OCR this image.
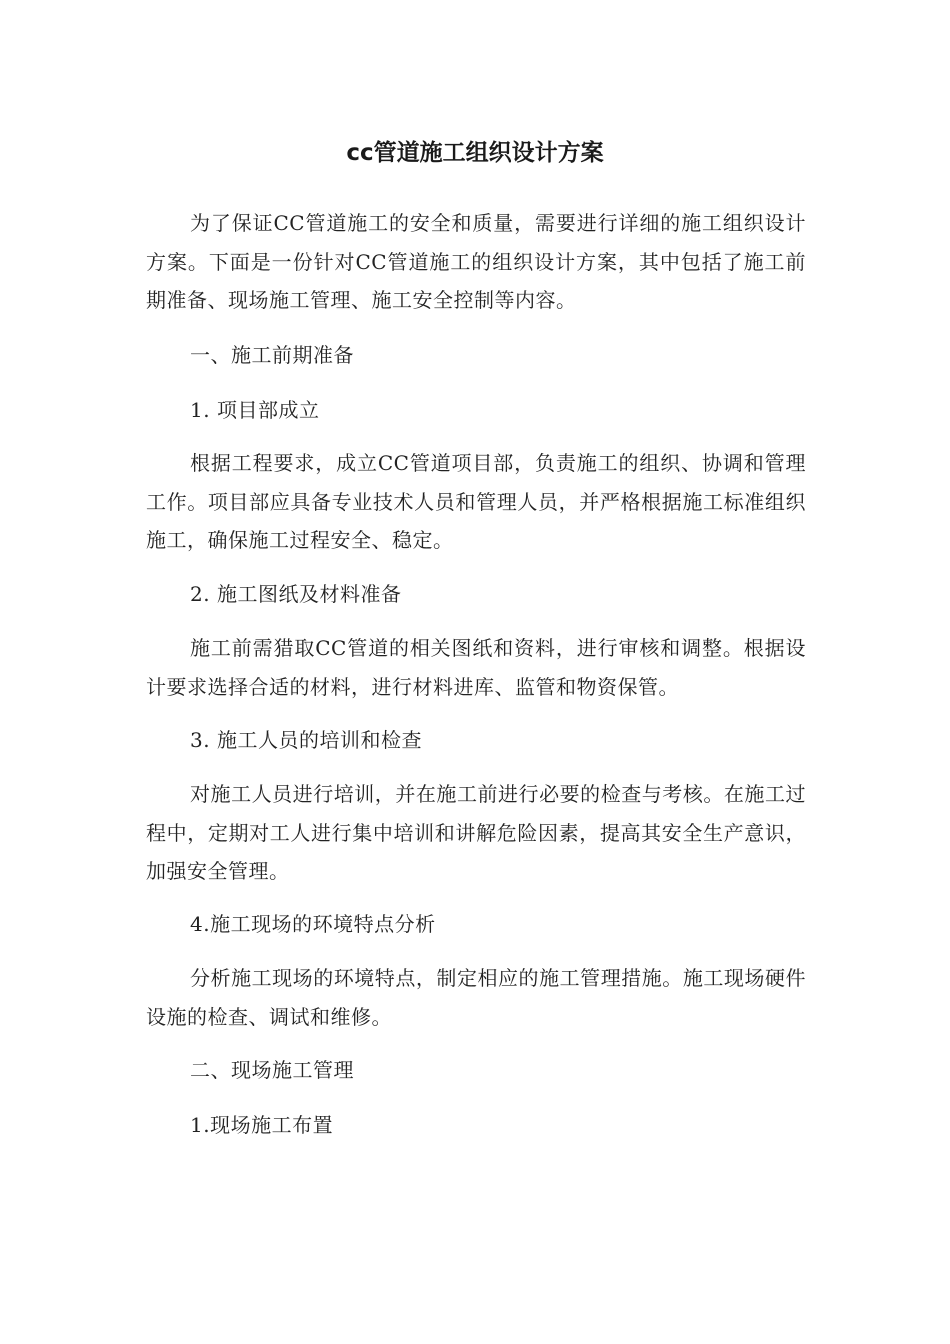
cc管道施工组织设计方案

为了保证CC管道施工的安全和质量，需要进行详细的施工组织设计方案。下面是一份针对CC管道施工的组织设计方案，其中包括了施工前期准备、现场施工管理、施工安全控制等内容。

一、施工前期准备

1. 项目部成立

根据工程要求，成立CC管道项目部，负责施工的组织、协调和管理工作。项目部应具备专业技术人员和管理人员，并严格根据施工标准组织施工，确保施工过程安全、稳定。

2. 施工图纸及材料准备

施工前需猎取CC管道的相关图纸和资料，进行审核和调整。根据设计要求选择合适的材料，进行材料进库、监管和物资保管。

3. 施工人员的培训和检查

对施工人员进行培训，并在施工前进行必要的检查与考核。在施工过程中，定期对工人进行集中培训和讲解危险因素，提高其安全生产意识，加强安全管理。

4.施工现场的环境特点分析

分析施工现场的环境特点，制定相应的施工管理措施。施工现场硬件设施的检查、调试和维修。

二、现场施工管理

1.现场施工布置
